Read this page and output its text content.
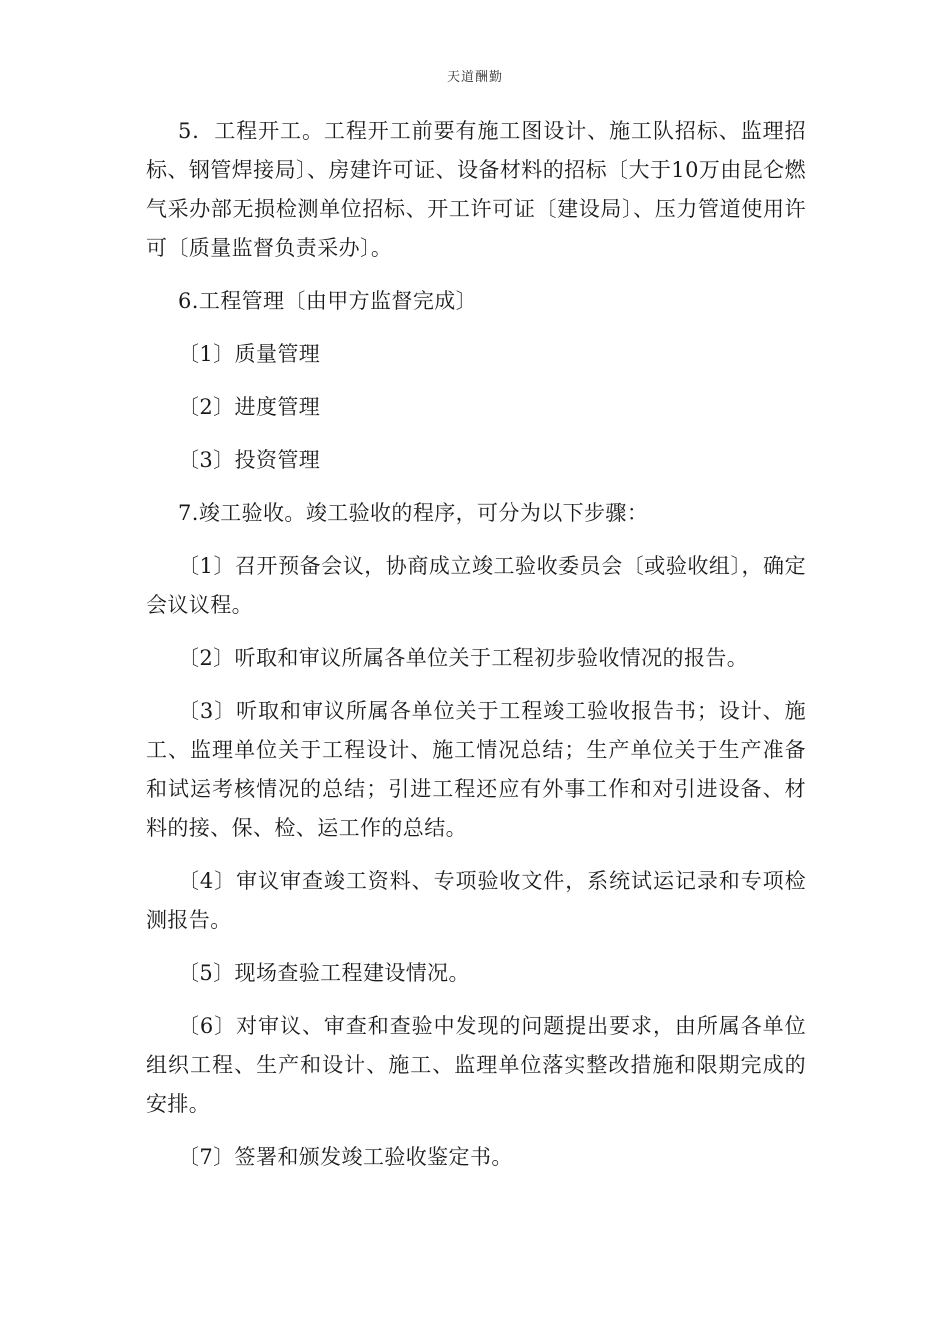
天道酬勤

5．工程开工。工程开工前要有施工图设计、施工队招标、监理招标、钢管焊接局〕、房建许可证、设备材料的招标〔大于10万由昆仑燃气采办部无损检测单位招标、开工许可证〔建设局〕、压力管道使用许可〔质量监督负责采办〕。

6.工程管理〔由甲方监督完成〕

〔1〕质量管理

〔2〕进度管理

〔3〕投资管理

7.竣工验收。竣工验收的程序，可分为以下步骤：

〔1〕召开预备会议，协商成立竣工验收委员会〔或验收组〕，确定会议议程。

〔2〕听取和审议所属各单位关于工程初步验收情况的报告。

〔3〕听取和审议所属各单位关于工程竣工验收报告书；设计、施工、监理单位关于工程设计、施工情况总结；生产单位关于生产准备和试运考核情况的总结；引进工程还应有外事工作和对引进设备、材料的接、保、检、运工作的总结。

〔4〕审议审查竣工资料、专项验收文件，系统试运记录和专项检测报告。

〔5〕现场查验工程建设情况。

〔6〕对审议、审查和查验中发现的问题提出要求，由所属各单位组织工程、生产和设计、施工、监理单位落实整改措施和限期完成的安排。

〔7〕签署和颁发竣工验收鉴定书。
